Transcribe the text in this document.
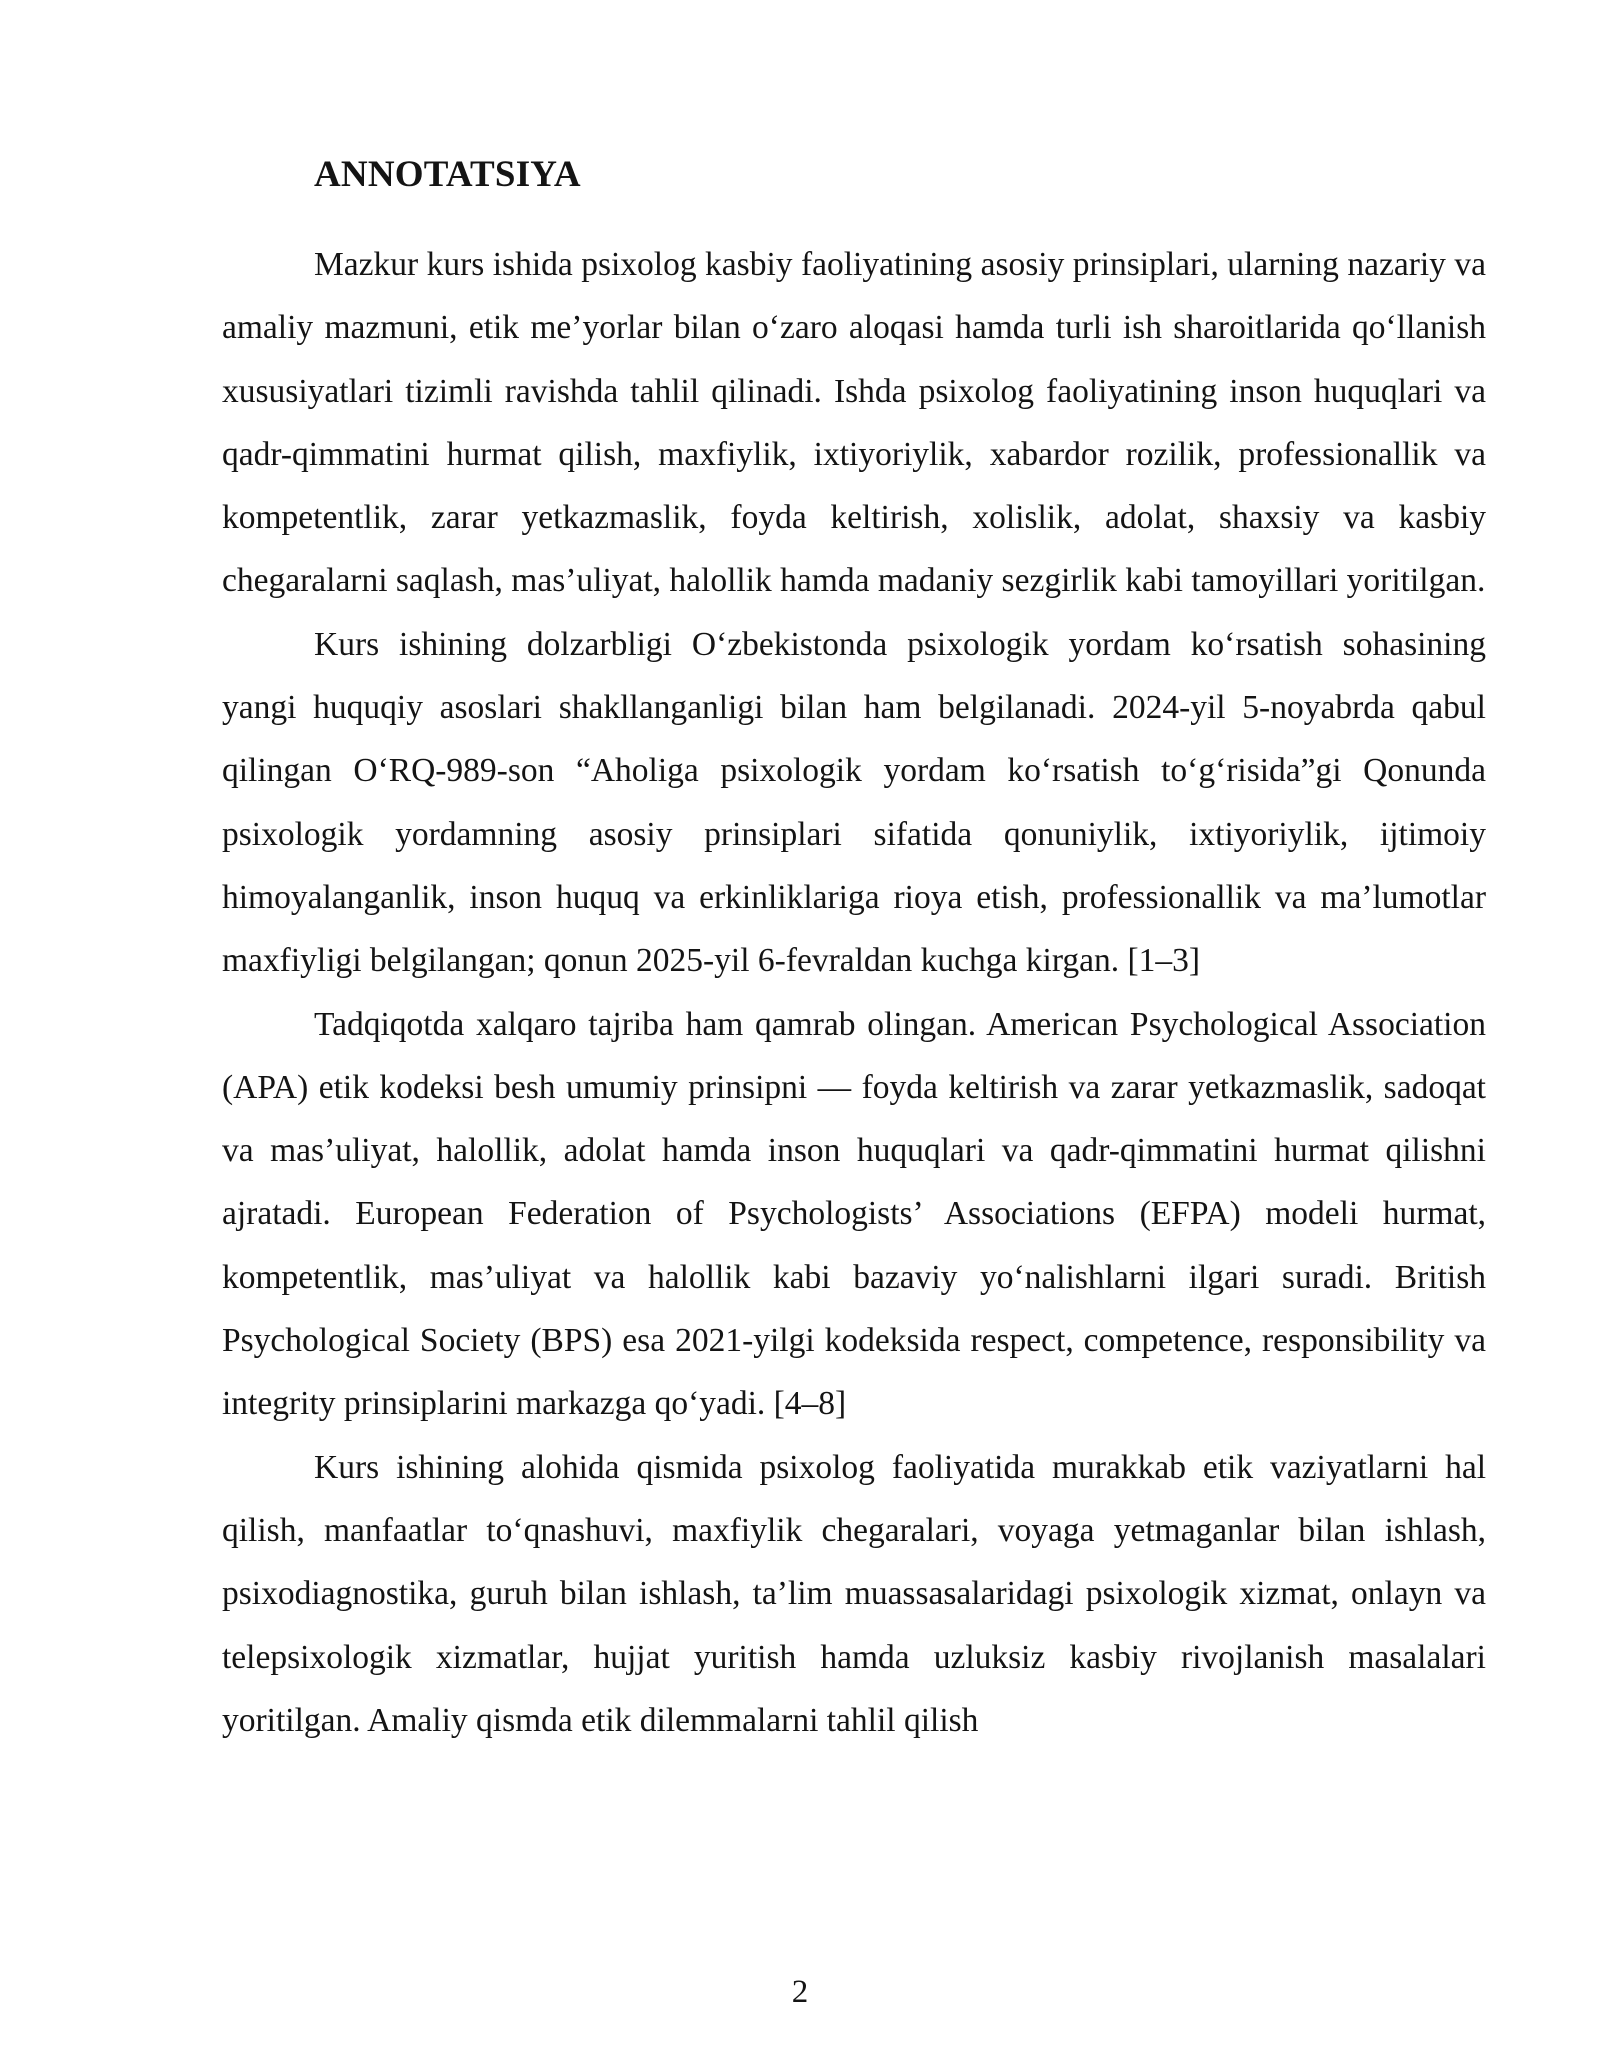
ANNOTATSIYA

Mazkur kurs ishida psixolog kasbiy faoliyatining asosiy prinsiplari, ularning nazariy va amaliy mazmuni, etik me’yorlar bilan o‘zaro aloqasi hamda turli ish sharoitlarida qo‘llanish xususiyatlari tizimli ravishda tahlil qilinadi. Ishda psixolog faoliyatining inson huquqlari va qadr-qimmatini hurmat qilish, maxfiylik, ixtiyoriylik, xabardor rozilik, professionallik va kompetentlik, zarar yetkazmaslik, foyda keltirish, xolislik, adolat, shaxsiy va kasbiy chegaralarni saqlash, mas’uliyat, halollik hamda madaniy sezgirlik kabi tamoyillari yoritilgan.

Kurs ishining dolzarbligi O‘zbekistonda psixologik yordam ko‘rsatish sohasining yangi huquqiy asoslari shakllanganligi bilan ham belgilanadi. 2024-yil 5-noyabrda qabul qilingan O‘RQ-989-son “Aholiga psixologik yordam ko‘rsatish to‘g‘risida”gi Qonunda psixologik yordamning asosiy prinsiplari sifatida qonuniylik, ixtiyoriylik, ijtimoiy himoyalanganlik, inson huquq va erkinliklariga rioya etish, professionallik va ma’lumotlar maxfiyligi belgilangan; qonun 2025-yil 6-fevraldan kuchga kirgan. [1–3]

Tadqiqotda xalqaro tajriba ham qamrab olingan. American Psychological Association (APA) etik kodeksi besh umumiy prinsipni — foyda keltirish va zarar yetkazmaslik, sadoqat va mas’uliyat, halollik, adolat hamda inson huquqlari va qadr-qimmatini hurmat qilishni ajratadi. European Federation of Psychologists’ Associations (EFPA) modeli hurmat, kompetentlik, mas’uliyat va halollik kabi bazaviy yo‘nalishlarni ilgari suradi. British Psychological Society (BPS) esa 2021-yilgi kodeksida respect, competence, responsibility va integrity prinsiplarini markazga qo‘yadi. [4–8]

Kurs ishining alohida qismida psixolog faoliyatida murakkab etik vaziyatlarni hal qilish, manfaatlar to‘qnashuvi, maxfiylik chegaralari, voyaga yetmaganlar bilan ishlash, psixodiagnostika, guruh bilan ishlash, ta’lim muassasalaridagi psixologik xizmat, onlayn va telepsixologik xizmatlar, hujjat yuritish hamda uzluksiz kasbiy rivojlanish masalalari yoritilgan. Amaliy qismda etik dilemmalarni tahlil qilish

2
